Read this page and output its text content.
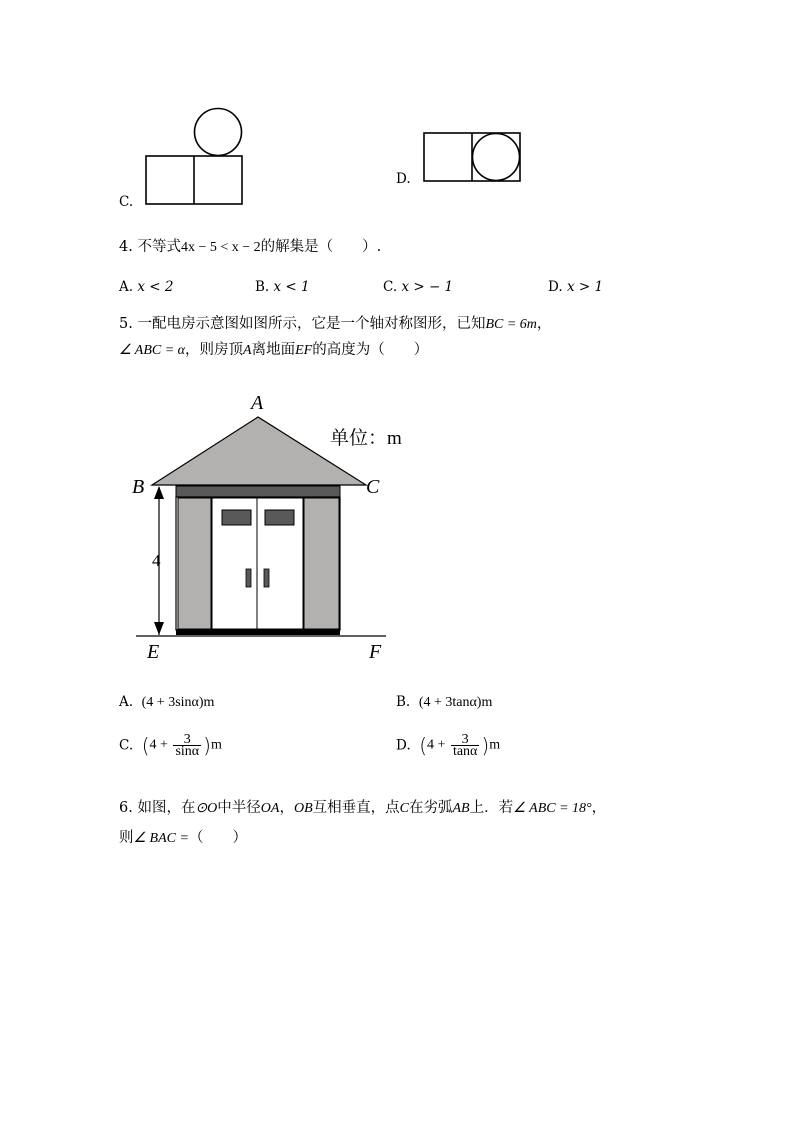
C.
D.
4. 不等式4x − 5 < x − 2的解集是（　　）.
A. x < 2	B. x < 1	C. x > − 1	D. x > 1
5. 一配电房示意图如图所示，它是一个轴对称图形，已知BC = 6m，
∠ ABC = α，则房顶A离地面EF的高度为（　　）
A
B	C
E	F
4
单位：m
A. (4 + 3sinα)m	B. (4 + 3tanα)m
C. $(4 + \frac{3}{\sin\alpha} )m$	D. $(4 + \frac{3}{\tan\alpha} )m$
6. 如图，在⊙O中半径OA，OB互相垂直，点C在劣弧AB上．若∠ ABC = 18°，
则∠ BAC =（　　）
